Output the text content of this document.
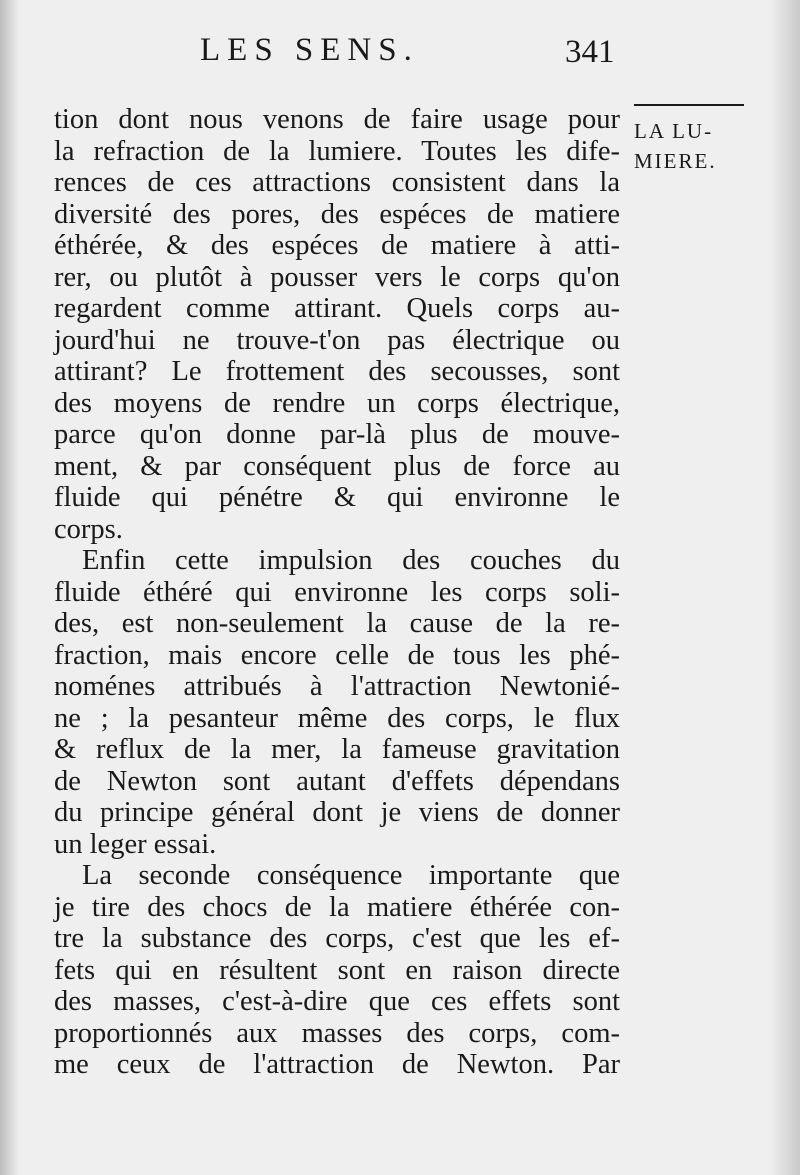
LES SENS.	341
LA LU-
MIERE.
tion dont nous venons de faire usage pour
la refraction de la lumiere. Toutes les dife-
rences de ces attractions consistent dans la
diversité des pores, des espéces de matiere
éthérée, & des espéces de matiere à atti-
rer, ou plutôt à pousser vers le corps qu'on
regardent comme attirant. Quels corps au-
jourd'hui ne trouve-t'on pas électrique ou
attirant? Le frottement des secousses, sont
des moyens de rendre un corps électrique,
parce qu'on donne par-là plus de mouve-
ment, & par conséquent plus de force au
fluide qui pénétre & qui environne le
corps.
Enfin cette impulsion des couches du
fluide éthéré qui environne les corps soli-
des, est non-seulement la cause de la re-
fraction, mais encore celle de tous les phé-
noménes attribués à l'attraction Newtonié-
ne ; la pesanteur même des corps, le flux
& reflux de la mer, la fameuse gravitation
de Newton sont autant d'effets dépendans
du principe général dont je viens de donner
un leger essai.
La seconde conséquence importante que
je tire des chocs de la matiere éthérée con-
tre la substance des corps, c'est que les ef-
fets qui en résultent sont en raison directe
des masses, c'est-à-dire que ces effets sont
proportionnés aux masses des corps, com-
me ceux de l'attraction de Newton. Par
